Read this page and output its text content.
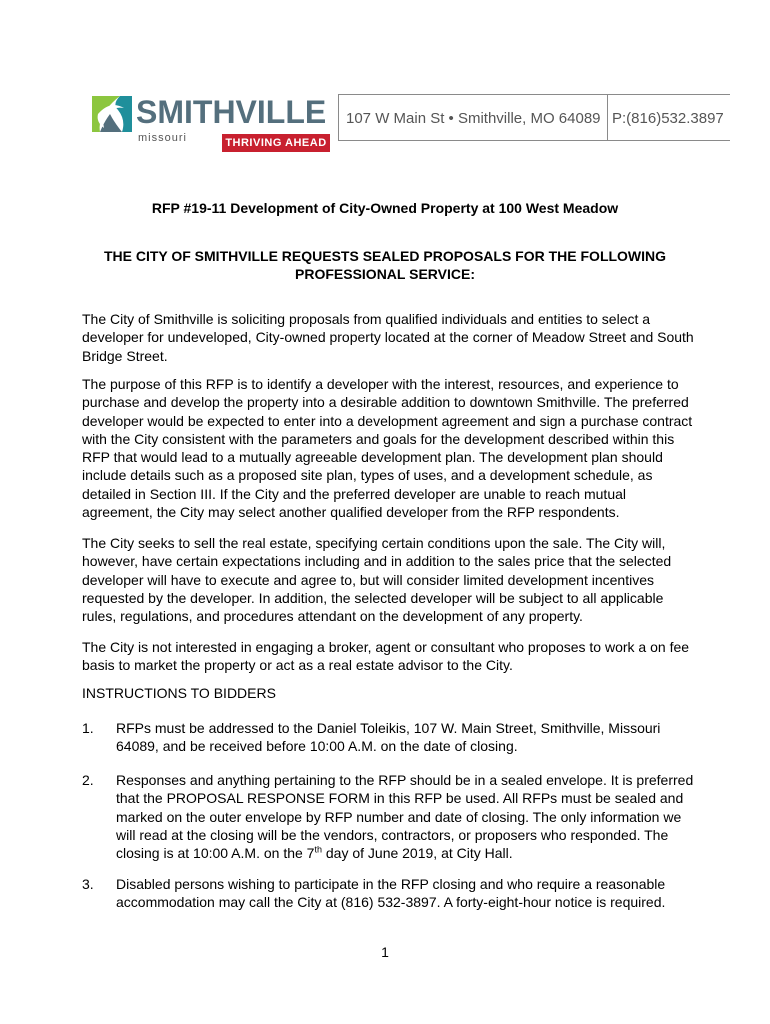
SMITHVILLE
missouri	THRIVING AHEAD
107 W Main St • Smithville, MO 64089 P:(816)532.3897
RFP #19-11 Development of City-Owned Property at 100 West Meadow
THE CITY OF SMITHVILLE REQUESTS SEALED PROPOSALS FOR THE FOLLOWING PROFESSIONAL SERVICE:
The City of Smithville is soliciting proposals from qualified individuals and entities to select a developer for undeveloped, City-owned property located at the corner of Meadow Street and South Bridge Street.
The purpose of this RFP is to identify a developer with the interest, resources, and experience to purchase and develop the property into a desirable addition to downtown Smithville. The preferred developer would be expected to enter into a development agreement and sign a purchase contract with the City consistent with the parameters and goals for the development described within this RFP that would lead to a mutually agreeable development plan. The development plan should include details such as a proposed site plan, types of uses, and a development schedule, as detailed in Section III. If the City and the preferred developer are unable to reach mutual agreement, the City may select another qualified developer from the RFP respondents.
The City seeks to sell the real estate, specifying certain conditions upon the sale. The City will, however, have certain expectations including and in addition to the sales price that the selected developer will have to execute and agree to, but will consider limited development incentives requested by the developer. In addition, the selected developer will be subject to all applicable rules, regulations, and procedures attendant on the development of any property.
The City is not interested in engaging a broker, agent or consultant who proposes to work a on fee basis to market the property or act as a real estate advisor to the City.
INSTRUCTIONS TO BIDDERS
1. RFPs must be addressed to the Daniel Toleikis, 107 W. Main Street, Smithville, Missouri 64089, and be received before 10:00 A.M. on the date of closing.
2. Responses and anything pertaining to the RFP should be in a sealed envelope. It is preferred that the PROPOSAL RESPONSE FORM in this RFP be used. All RFPs must be sealed and marked on the outer envelope by RFP number and date of closing. The only information we will read at the closing will be the vendors, contractors, or proposers who responded. The closing is at 10:00 A.M. on the 7th day of June 2019, at City Hall.
3. Disabled persons wishing to participate in the RFP closing and who require a reasonable accommodation may call the City at (816) 532-3897. A forty-eight-hour notice is required.
1
